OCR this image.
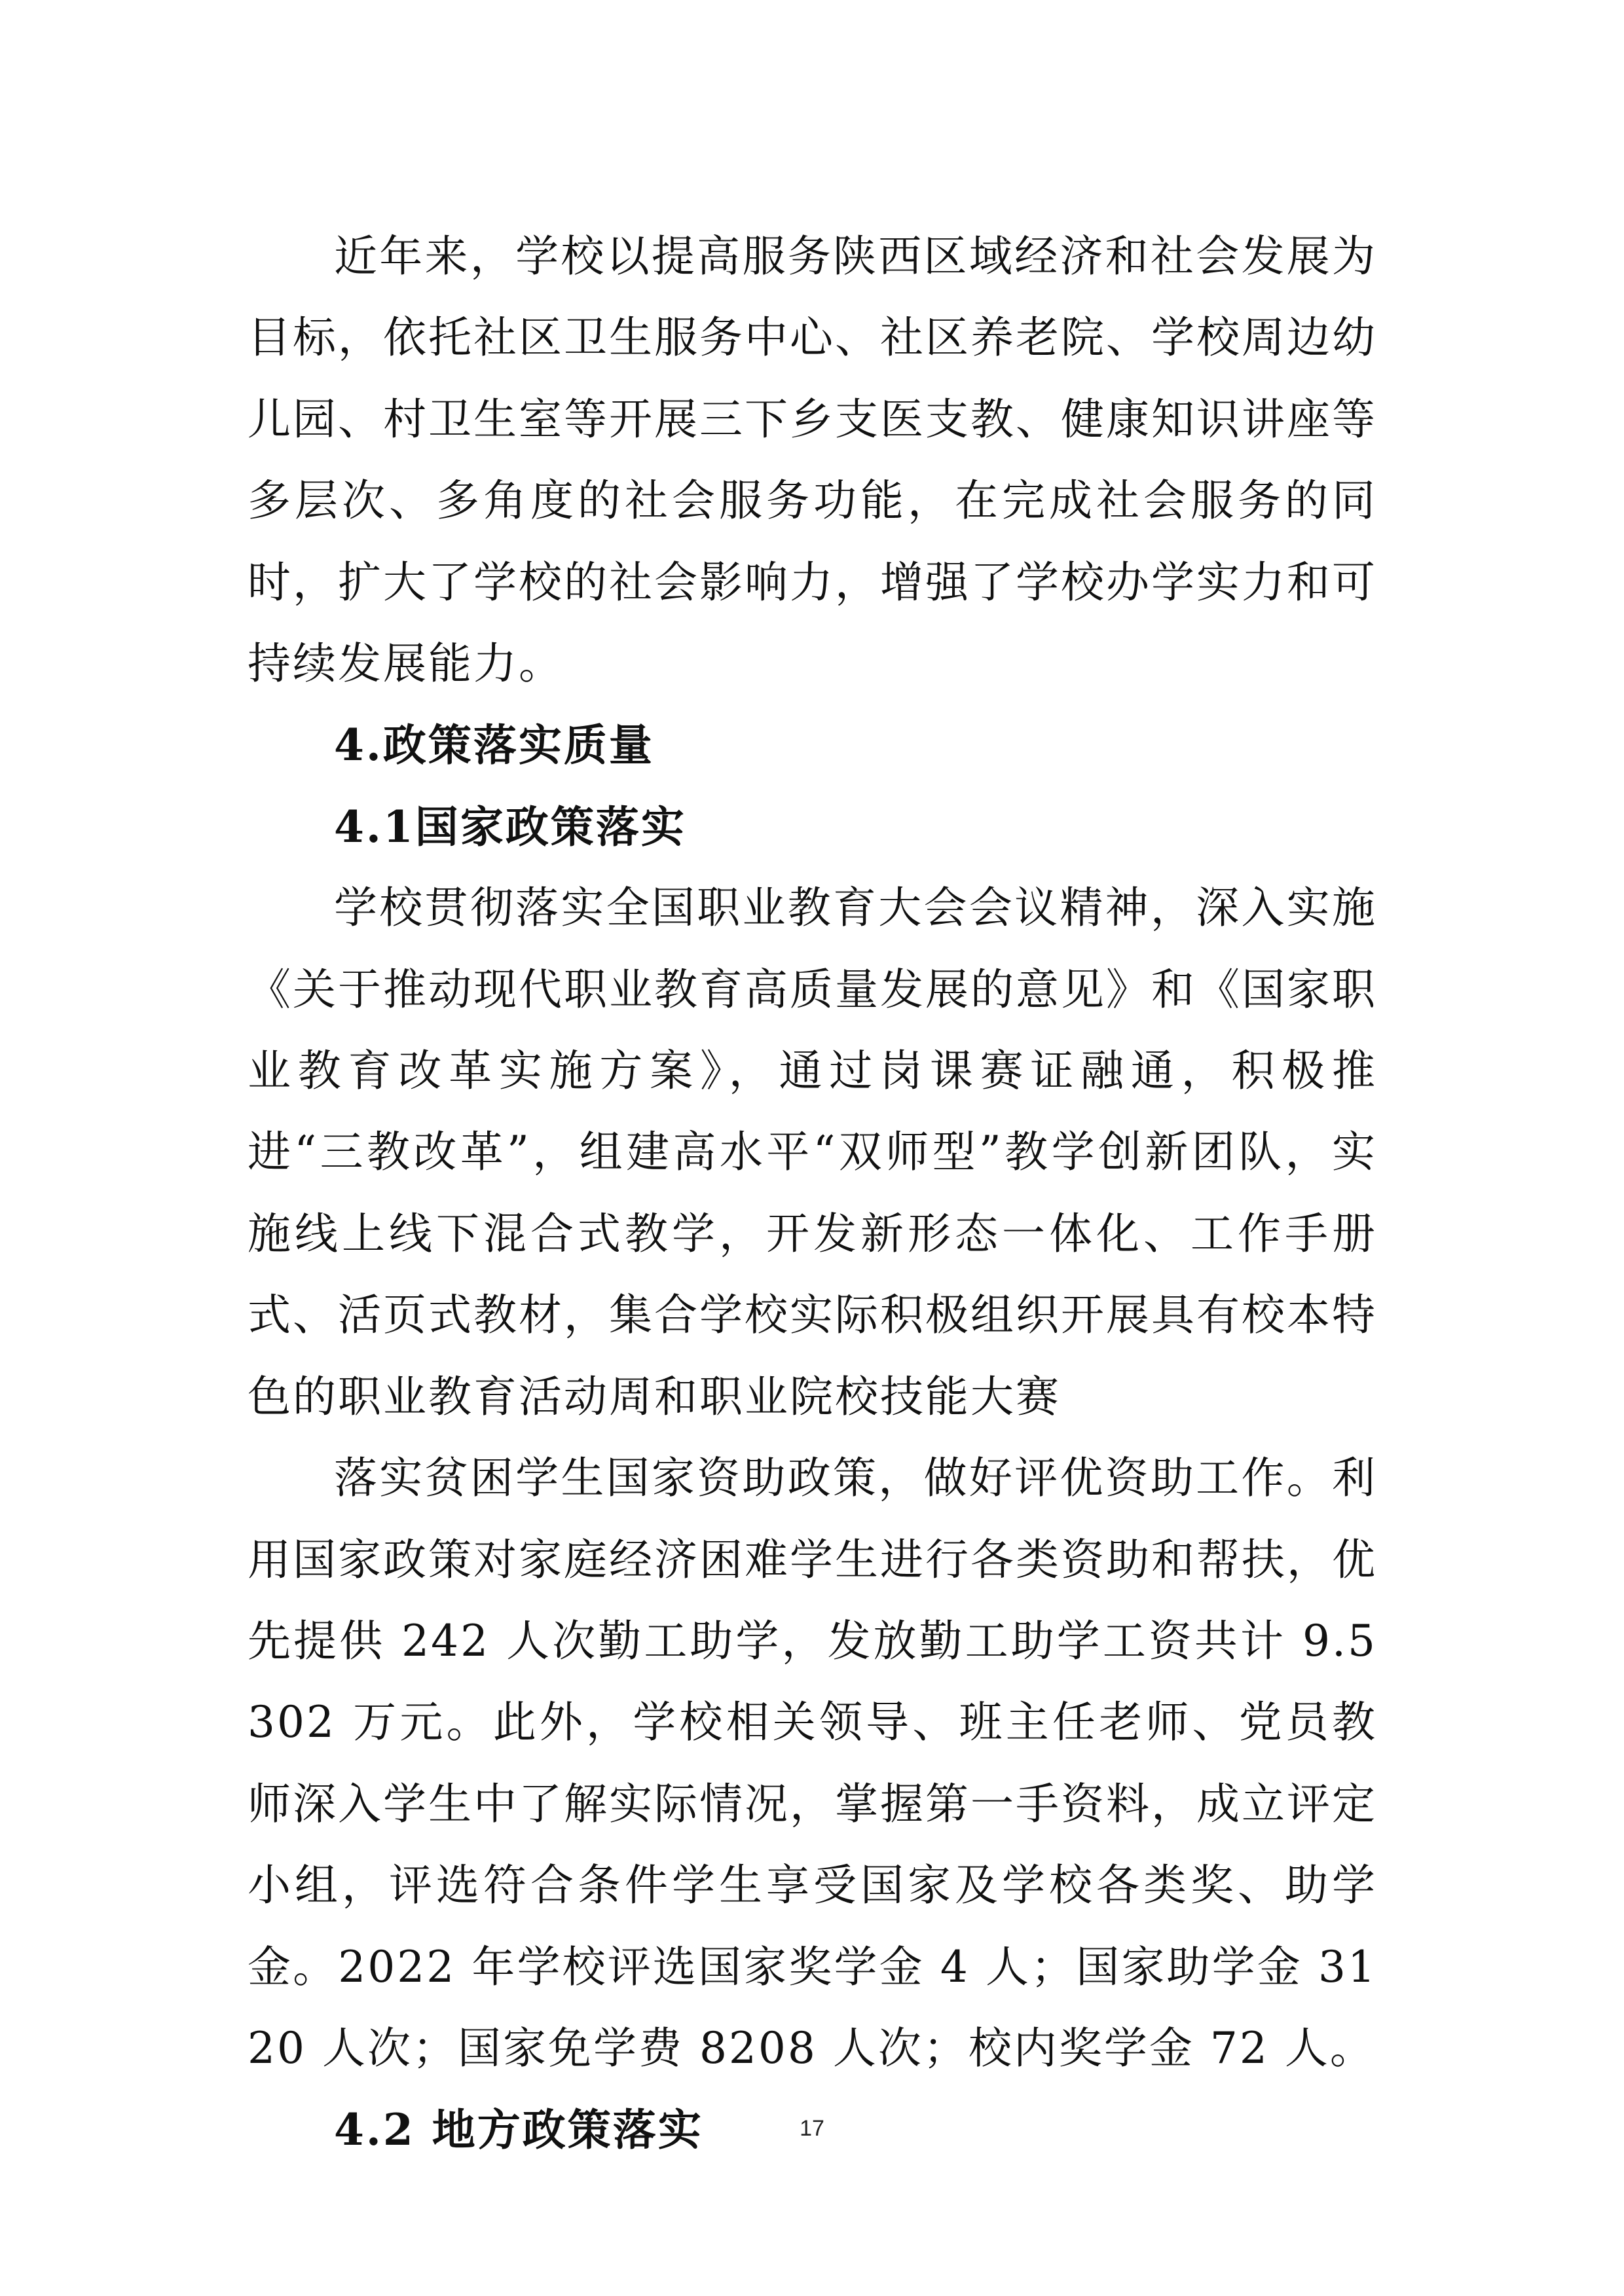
近年来，学校以提高服务陕西区域经济和社会发展为目标，依托社区卫生服务中心、社区养老院、学校周边幼儿园、村卫生室等开展三下乡支医支教、健康知识讲座等多层次、多角度的社会服务功能，在完成社会服务的同时，扩大了学校的社会影响力，增强了学校办学实力和可持续发展能力。

4.政策落实质量
4.1国家政策落实

学校贯彻落实全国职业教育大会会议精神，深入实施《关于推动现代职业教育高质量发展的意见》和《国家职业教育改革实施方案》，通过岗课赛证融通，积极推进“三教改革”，组建高水平“双师型”教学创新团队，实施线上线下混合式教学，开发新形态一体化、工作手册式、活页式教材，集合学校实际积极组织开展具有校本特色的职业教育活动周和职业院校技能大赛

落实贫困学生国家资助政策，做好评优资助工作。利用国家政策对家庭经济困难学生进行各类资助和帮扶，优先提供 242 人次勤工助学，发放勤工助学工资共计 9.5302 万元。此外，学校相关领导、班主任老师、党员教师深入学生中了解实际情况，掌握第一手资料，成立评定小组，评选符合条件学生享受国家及学校各类奖、助学金。2022 年学校评选国家奖学金 4 人；国家助学金 3120 人次；国家免学费 8208 人次；校内奖学金 72 人。

4.2 地方政策落实	17
